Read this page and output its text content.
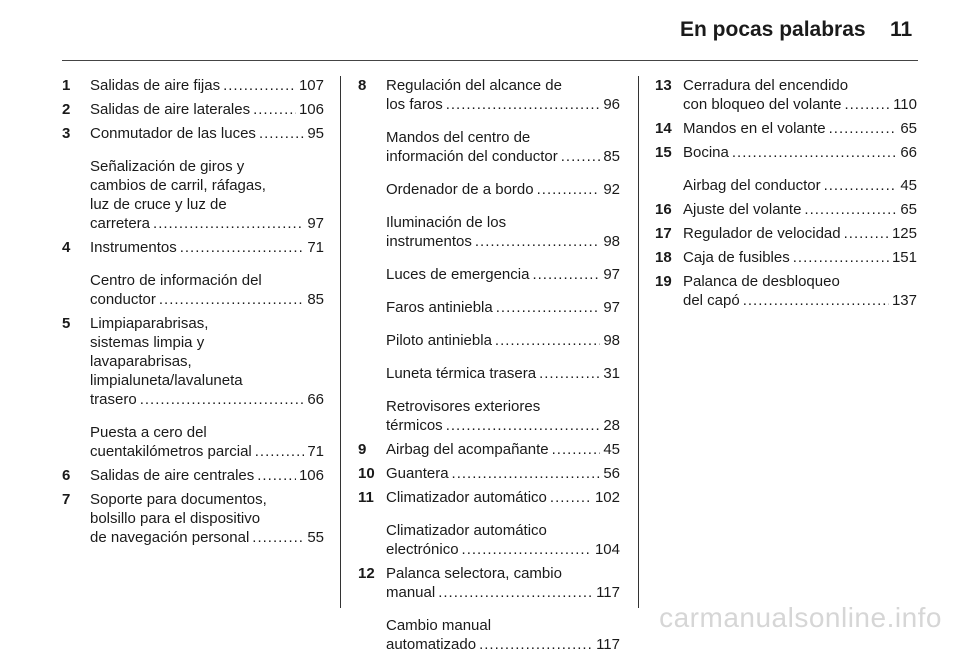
En pocas palabras 11
1 Salidas de aire fijas .....	107
2 Salidas de aire laterales .....	106
3 Conmutador de las luces .....	95
Señalización de giros y
cambios de carril, ráfagas,
luz de cruce y luz de
carretera .....	97
4 Instrumentos .....	71
Centro de información del
conductor .....	85
5 Limpiaparabrisas,
sistemas limpia y
lavaparabrisas,
limpialuneta/lavaluneta
trasero .....	66
Puesta a cero del
cuentakilómetros parcial .....	71
6 Salidas de aire centrales .....	106
7 Soporte para documentos,
bolsillo para el dispositivo
de navegación personal .....	55
8 Regulación del alcance de
los faros .....	96
Mandos del centro de
información del conductor .....	85
Ordenador de a bordo .....	92
Iluminación de los
instrumentos .....	98
Luces de emergencia .....	97
Faros antiniebla .....	97
Piloto antiniebla .....	98
Luneta térmica trasera .....	31
Retrovisores exteriores
térmicos .....	28
9 Airbag del acompañante .....	45
10 Guantera .....	56
11 Climatizador automático .....	102
Climatizador automático
electrónico .....	104
12 Palanca selectora, cambio
manual .....	117
Cambio manual
automatizado .....	117
13 Cerradura del encendido
con bloqueo del volante .....	110
14 Mandos en el volante .....	65
15 Bocina .....	66
Airbag del conductor .....	45
16 Ajuste del volante .....	65
17 Regulador de velocidad .....	125
18 Caja de fusibles .....	151
19 Palanca de desbloqueo
del capó .....	137
carmanualsonline.info
